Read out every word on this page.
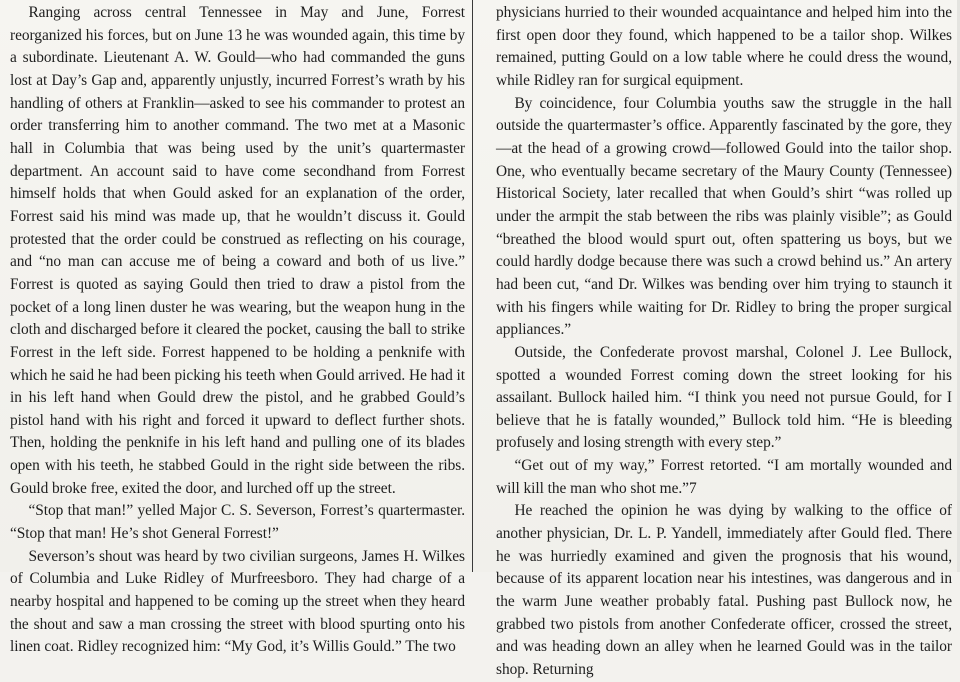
Ranging across central Tennessee in May and June, Forrest reorganized his forces, but on June 13 he was wounded again, this time by a subordinate. Lieutenant A. W. Gould—who had commanded the guns lost at Day’s Gap and, apparently unjustly, incurred Forrest’s wrath by his handling of others at Franklin—asked to see his commander to protest an order transferring him to another command. The two met at a Masonic hall in Columbia that was being used by the unit’s quartermaster department. An account said to have come secondhand from Forrest himself holds that when Gould asked for an explanation of the order, Forrest said his mind was made up, that he wouldn’t discuss it. Gould protested that the order could be construed as reflecting on his courage, and “no man can accuse me of being a coward and both of us live.” Forrest is quoted as saying Gould then tried to draw a pistol from the pocket of a long linen duster he was wearing, but the weapon hung in the cloth and discharged before it cleared the pocket, causing the ball to strike Forrest in the left side. Forrest happened to be holding a penknife with which he said he had been picking his teeth when Gould arrived. He had it in his left hand when Gould drew the pistol, and he grabbed Gould’s pistol hand with his right and forced it upward to deflect further shots. Then, holding the penknife in his left hand and pulling one of its blades open with his teeth, he stabbed Gould in the right side between the ribs. Gould broke free, exited the door, and lurched off up the street.

“Stop that man!” yelled Major C. S. Severson, Forrest’s quartermaster. “Stop that man! He’s shot General Forrest!”

Severson’s shout was heard by two civilian surgeons, James H. Wilkes of Columbia and Luke Ridley of Murfreesboro. They had charge of a nearby hospital and happened to be coming up the street when they heard the shout and saw a man crossing the street with blood spurting onto his linen coat. Ridley recognized him: “My God, it’s Willis Gould.” The two

physicians hurried to their wounded acquaintance and helped him into the first open door they found, which happened to be a tailor shop. Wilkes remained, putting Gould on a low table where he could dress the wound, while Ridley ran for surgical equipment.

By coincidence, four Columbia youths saw the struggle in the hall outside the quartermaster’s office. Apparently fascinated by the gore, they—at the head of a growing crowd—followed Gould into the tailor shop. One, who eventually became secretary of the Maury County (Tennessee) Historical Society, later recalled that when Gould’s shirt “was rolled up under the armpit the stab between the ribs was plainly visible”; as Gould “breathed the blood would spurt out, often spattering us boys, but we could hardly dodge because there was such a crowd behind us.” An artery had been cut, “and Dr. Wilkes was bending over him trying to staunch it with his fingers while waiting for Dr. Ridley to bring the proper surgical appliances.”

Outside, the Confederate provost marshal, Colonel J. Lee Bullock, spotted a wounded Forrest coming down the street looking for his assailant. Bullock hailed him. “I think you need not pursue Gould, for I believe that he is fatally wounded,” Bullock told him. “He is bleeding profusely and losing strength with every step.”

“Get out of my way,” Forrest retorted. “I am mortally wounded and will kill the man who shot me.”7

He reached the opinion he was dying by walking to the office of another physician, Dr. L. P. Yandell, immediately after Gould fled. There he was hurriedly examined and given the prognosis that his wound, because of its apparent location near his intestines, was dangerous and in the warm June weather probably fatal. Pushing past Bullock now, he grabbed two pistols from another Confederate officer, crossed the street, and was heading down an alley when he learned Gould was in the tailor shop. Returning
